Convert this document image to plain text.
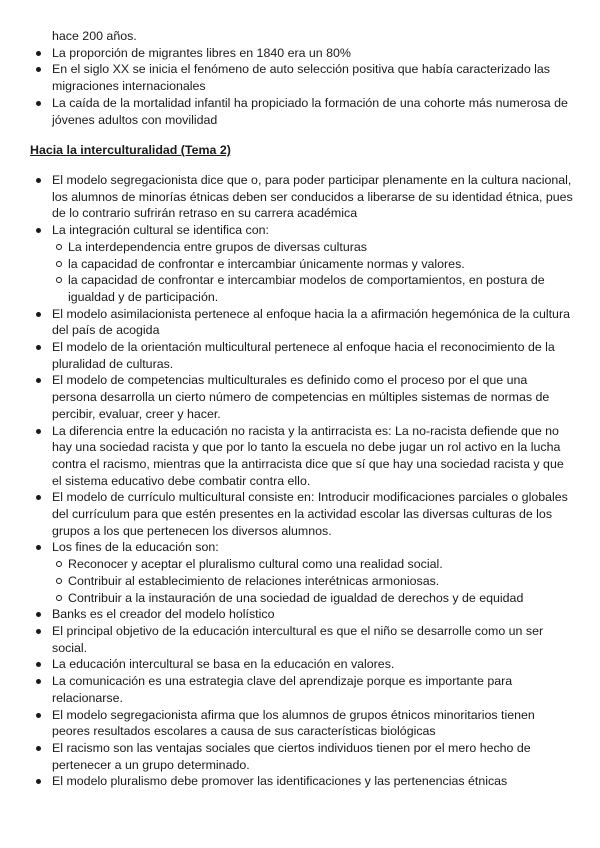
hace 200 años.

La proporción de migrantes libres en 1840 era un 80%
En el siglo XX se inicia el fenómeno de auto selección positiva que había caracterizado las migraciones internacionales
La caída de la mortalidad infantil ha propiciado la formación de una cohorte más numerosa de jóvenes adultos con movilidad
Hacia la interculturalidad (Tema 2)
El modelo segregacionista dice que o, para poder participar plenamente en la cultura nacional, los alumnos de minorías étnicas deben ser conducidos a liberarse de su identidad étnica, pues de lo contrario sufrirán retraso en su carrera académica
La integración cultural se identifica con:
La interdependencia entre grupos de diversas culturas
la capacidad de confrontar e intercambiar únicamente normas y valores.
la capacidad de confrontar e intercambiar modelos de comportamientos, en postura de igualdad y de participación.
El modelo asimilacionista pertenece al enfoque hacia la a afirmación hegemónica de la cultura del país de acogida
El modelo de la orientación multicultural pertenece al enfoque hacia el reconocimiento de la pluralidad de culturas.
El modelo de competencias multiculturales es definido como el proceso por el que una persona desarrolla un cierto número de competencias en múltiples sistemas de normas de percibir, evaluar, creer y hacer.
La diferencia entre la educación no racista y la antirracista es: La no-racista defiende que no hay una sociedad racista y que por lo tanto la escuela no debe jugar un rol activo en la lucha contra el racismo, mientras que la antirracista dice que sí que hay una sociedad racista y que el sistema educativo debe combatir contra ello.
El modelo de currículo multicultural consiste en: Introducir modificaciones parciales o globales del currículum para que estén presentes en la actividad escolar las diversas culturas de los grupos a los que pertenecen los diversos alumnos.
Los fines de la educación son:
Reconocer y aceptar el pluralismo cultural como una realidad social.
Contribuir al establecimiento de relaciones interétnicas armoniosas.
Contribuir a la instauración de una sociedad de igualdad de derechos y de equidad
Banks es el creador del modelo holístico
El principal objetivo de la educación intercultural es que el niño se desarrolle como un ser social.
La educación intercultural se basa en la educación en valores.
La comunicación es una estrategia clave del aprendizaje porque es importante para relacionarse.
El modelo segregacionista afirma que los alumnos de grupos étnicos minoritarios tienen peores resultados escolares a causa de sus características biológicas
El racismo son las ventajas sociales que ciertos individuos tienen por el mero hecho de pertenecer a un grupo determinado.
El modelo pluralismo debe promover las identificaciones y las pertenencias étnicas
